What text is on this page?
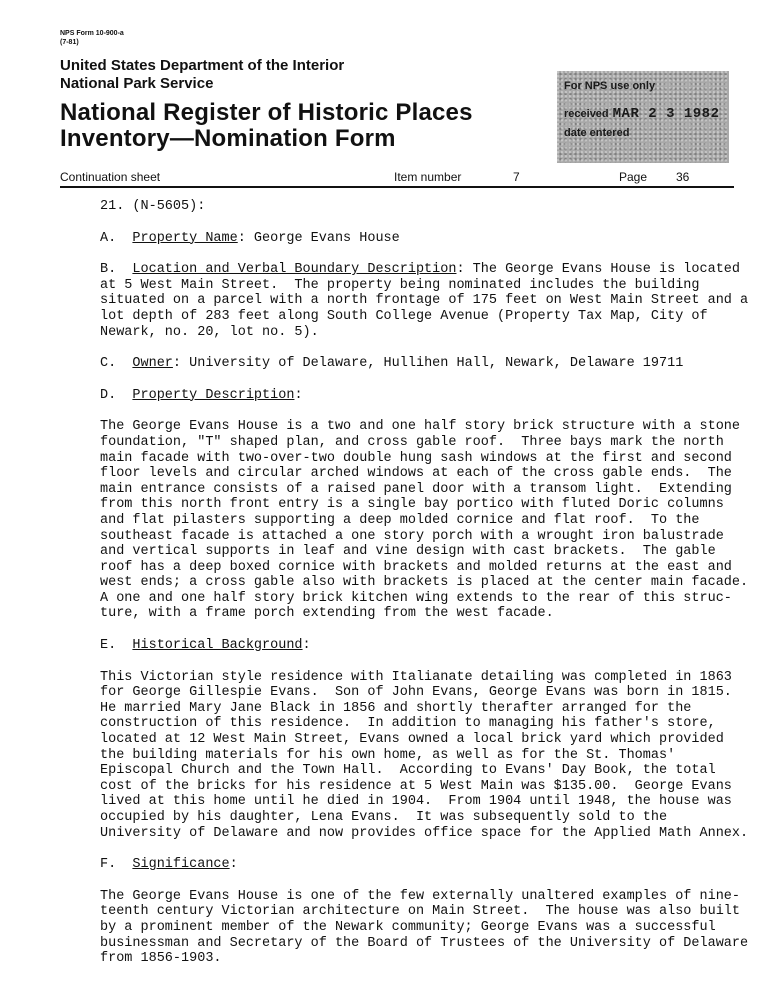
NPS Form 10-900-a
(7-81)
United States Department of the Interior
National Park Service
National Register of Historic Places
Inventory—Nomination Form
For NPS use only
received MAR 2 3 1982
date entered
Continuation sheet	Item number	7	Page 36

21. (N-5605):

A.  Property Name: George Evans House

B.  Location and Verbal Boundary Description: The George Evans House is located

at 5 West Main Street.  The property being nominated includes the building

situated on a parcel with a north frontage of 175 feet on West Main Street and a

lot depth of 283 feet along South College Avenue (Property Tax Map, City of

Newark, no. 20, lot no. 5).

C.  Owner: University of Delaware, Hullihen Hall, Newark, Delaware 19711

D.  Property Description:

The George Evans House is a two and one half story brick structure with a stone

foundation, "T" shaped plan, and cross gable roof.  Three bays mark the north

main facade with two-over-two double hung sash windows at the first and second

floor levels and circular arched windows at each of the cross gable ends.  The

main entrance consists of a raised panel door with a transom light.  Extending

from this north front entry is a single bay portico with fluted Doric columns

and flat pilasters supporting a deep molded cornice and flat roof.  To the

southeast facade is attached a one story porch with a wrought iron balustrade

and vertical supports in leaf and vine design with cast brackets.  The gable

roof has a deep boxed cornice with brackets and molded returns at the east and

west ends; a cross gable also with brackets is placed at the center main facade.

A one and one half story brick kitchen wing extends to the rear of this struc-

ture, with a frame porch extending from the west facade.

E.  Historical Background:

This Victorian style residence with Italianate detailing was completed in 1863

for George Gillespie Evans.  Son of John Evans, George Evans was born in 1815.

He married Mary Jane Black in 1856 and shortly therafter arranged for the

construction of this residence.  In addition to managing his father's store,

located at 12 West Main Street, Evans owned a local brick yard which provided

the building materials for his own home, as well as for the St. Thomas'

Episcopal Church and the Town Hall.  According to Evans' Day Book, the total

cost of the bricks for his residence at 5 West Main was $135.00.  George Evans

lived at this home until he died in 1904.  From 1904 until 1948, the house was

occupied by his daughter, Lena Evans.  It was subsequently sold to the

University of Delaware and now provides office space for the Applied Math Annex.

F.  Significance:

The George Evans House is one of the few externally unaltered examples of nine-

teenth century Victorian architecture on Main Street.  The house was also built

by a prominent member of the Newark community; George Evans was a successful

businessman and Secretary of the Board of Trustees of the University of Delaware

from 1856-1903.
